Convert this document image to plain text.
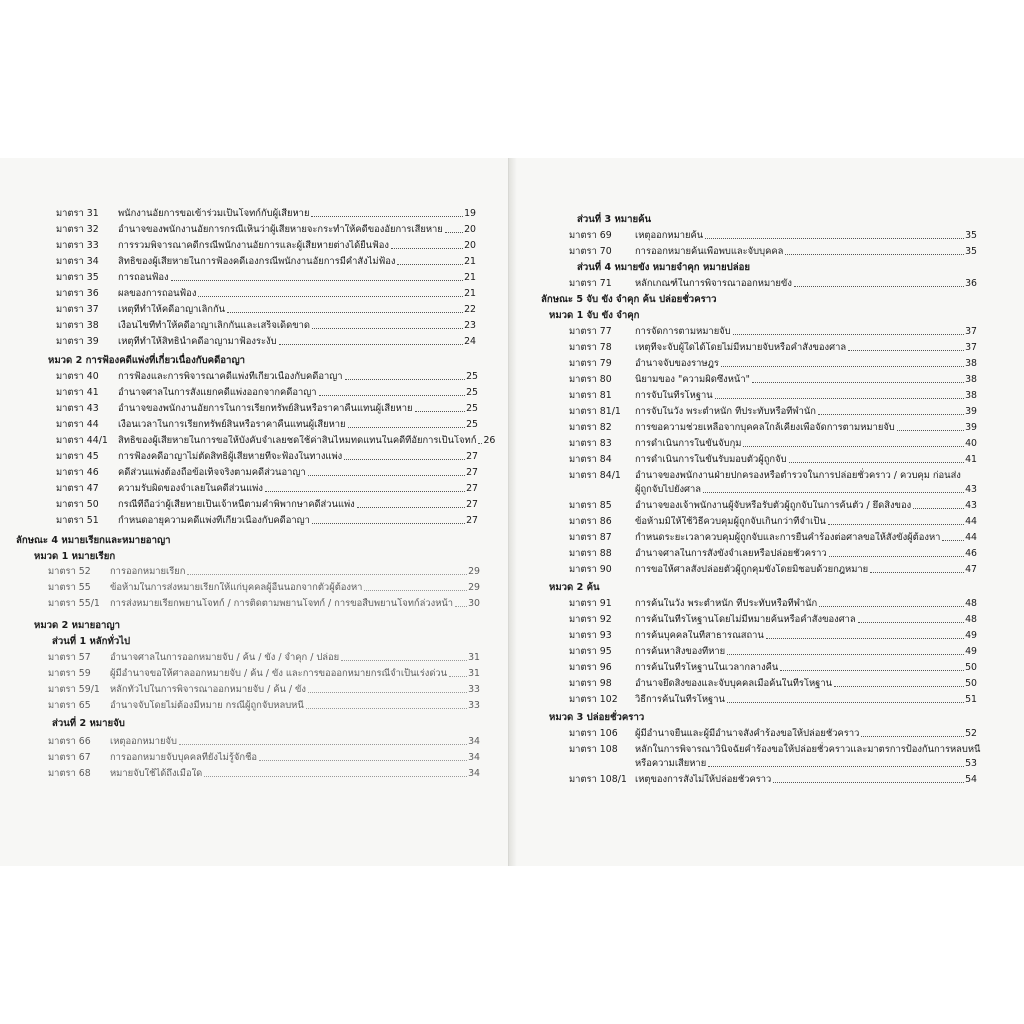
มาตรา 31	พนักงานอัยการขอเข้าร่วมเป็นโจทก์กับผู้เสียหาย	19
มาตรา 32	อำนาจของพนักงานอัยการกรณีเห็นว่าผู้เสียหายจะกระทำให้คดีของอัยการเสียหาย 20
มาตรา 33	การรวมพิจารณาคดีกรณีพนักงานอัยการและผู้เสียหายต่างได้ยื่นฟ้อง	20
มาตรา 34	สิทธิของผู้เสียหายในการฟ้องคดีเองกรณีพนักงานอัยการมีคำสั่งไม่ฟ้อง	21
มาตรา 35	การถอนฟ้อง	21
มาตรา 36	ผลของการถอนฟ้อง	21
มาตรา 37	เหตุที่ทำให้คดีอาญาเลิกกัน	22
มาตรา 38	เงื่อนไขที่ทำให้คดีอาญาเลิกกันและเสร็จเด็ดขาด	23
มาตรา 39	เหตุที่ทำให้สิทธินำคดีอาญามาฟ้องระงับ	24
หมวด 2 การฟ้องคดีแพ่งที่เกี่ยวเนื่องกับคดีอาญา
มาตรา 40	การฟ้องและการพิจารณาคดีแพ่งที่เกี่ยวเนื่องกับคดีอาญา	25
มาตรา 41	อำนาจศาลในการสั่งแยกคดีแพ่งออกจากคดีอาญา	25
มาตรา 43	อำนาจของพนักงานอัยการในการเรียกทรัพย์สินหรือราคาคืนแทนผู้เสียหาย	25
มาตรา 44	เงื่อนเวลาในการเรียกทรัพย์สินหรือราคาคืนแทนผู้เสียหาย	25
มาตรา 44/1	สิทธิของผู้เสียหายในการขอให้บังคับจำเลยชดใช้ค่าสินไหมทดแทนในคดีที่อัยการเป็นโจทก์ 26
มาตรา 45	การฟ้องคดีอาญาไม่ตัดสิทธิผู้เสียหายที่จะฟ้องในทางแพ่ง	27
มาตรา 46	คดีส่วนแพ่งต้องถือข้อเท็จจริงตามคดีส่วนอาญา	27
มาตรา 47	ความรับผิดของจำเลยในคดีส่วนแพ่ง	27
มาตรา 50	กรณีที่ถือว่าผู้เสียหายเป็นเจ้าหนี้ตามคำพิพากษาคดีส่วนแพ่ง	27
มาตรา 51	กำหนดอายุความคดีแพ่งที่เกี่ยวเนื่องกับคดีอาญา	27
ลักษณะ 4 หมายเรียกและหมายอาญา
หมวด 1 หมายเรียก
มาตรา 52	การออกหมายเรียก	29
มาตรา 55	ข้อห้ามในการส่งหมายเรียกให้แก่บุคคลผู้อื่นนอกจากตัวผู้ต้องหา	29
มาตรา 55/1	การส่งหมายเรียกพยานโจทก์ / การติดตามพยานโจทก์ / การขอสืบพยานโจทก์ล่วงหน้า 30
หมวด 2 หมายอาญา
ส่วนที่ 1 หลักทั่วไป
มาตรา 57	อำนาจศาลในการออกหมายจับ / ค้น / ขัง / จำคุก / ปล่อย	31
มาตรา 59	ผู้มีอำนาจขอให้ศาลออกหมายจับ / ค้น / ขัง และการขอออกหมายกรณีจำเป็นเร่งด่วน 31
มาตรา 59/1	หลักทั่วไปในการพิจารณาออกหมายจับ / ค้น / ขัง	33
มาตรา 65	อำนาจจับโดยไม่ต้องมีหมาย กรณีผู้ถูกจับหลบหนี	33
ส่วนที่ 2 หมายจับ
มาตรา 66	เหตุออกหมายจับ	34
มาตรา 67	การออกหมายจับบุคคลที่ยังไม่รู้จักชื่อ	34
มาตรา 68	หมายจับใช้ได้ถึงเมื่อใด	34
ส่วนที่ 3 หมายค้น
มาตรา 69	เหตุออกหมายค้น	35
มาตรา 70	การออกหมายค้นเพื่อพบและจับบุคคล	35
ส่วนที่ 4 หมายขัง หมายจำคุก หมายปล่อย
มาตรา 71	หลักเกณฑ์ในการพิจารณาออกหมายขัง	36
ลักษณะ 5 จับ ขัง จำคุก ค้น ปล่อยชั่วคราว
หมวด 1 จับ ขัง จำคุก
มาตรา 77	การจัดการตามหมายจับ	37
มาตรา 78	เหตุที่จะจับผู้ใดได้โดยไม่มีหมายจับหรือคำสั่งของศาล	37
มาตรา 79	อำนาจจับของราษฎร	38
มาตรา 80	นิยามของ "ความผิดซึ่งหน้า"	38
มาตรา 81	การจับในที่รโหฐาน	38
มาตรา 81/1	การจับในวัง พระตำหนัก ที่ประทับหรือที่พำนัก	39
มาตรา 82	การขอความช่วยเหลือจากบุคคลใกล้เคียงเพื่อจัดการตามหมายจับ	39
มาตรา 83	การดำเนินการในขั้นจับกุม	40
มาตรา 84	การดำเนินการในขั้นรับมอบตัวผู้ถูกจับ	41
มาตรา 84/1 อำนาจของพนักงานฝ่ายปกครองหรือตำรวจในการปล่อยชั่วคราว / ควบคุม ก่อนส่ง
ผู้ถูกจับไปยังศาล	43
มาตรา 85	อำนาจของเจ้าพนักงานผู้จับหรือรับตัวผู้ถูกจับในการค้นตัว / ยึดสิ่งของ	43
มาตรา 86	ข้อห้ามมิให้ใช้วิธีควบคุมผู้ถูกจับเกินกว่าที่จำเป็น	44
มาตรา 87	กำหนดระยะเวลาควบคุมผู้ถูกจับและการยื่นคำร้องต่อศาลขอให้สั่งขังผู้ต้องหา	44
มาตรา 88	อำนาจศาลในการสั่งขังจำเลยหรือปล่อยชั่วคราว	46
มาตรา 90	การขอให้ศาลสั่งปล่อยตัวผู้ถูกคุมขังโดยมิชอบด้วยกฎหมาย	47
หมวด 2 ค้น
มาตรา 91	การค้นในวัง พระตำหนัก ที่ประทับหรือที่พำนัก	48
มาตรา 92	การค้นในที่รโหฐานโดยไม่มีหมายค้นหรือคำสั่งของศาล	48
มาตรา 93	การค้นบุคคลในที่สาธารณสถาน	49
มาตรา 95	การค้นหาสิ่งของที่หาย	49
มาตรา 96	การค้นในที่รโหฐานในเวลากลางคืน	50
มาตรา 98	อำนาจยึดสิ่งของและจับบุคคลเมื่อค้นในที่รโหฐาน	50
มาตรา 102	วิธีการค้นในที่รโหฐาน	51
หมวด 3 ปล่อยชั่วคราว
มาตรา 106	ผู้มีอำนาจยื่นและผู้มีอำนาจสั่งคำร้องขอให้ปล่อยชั่วคราว	52
มาตรา 108 หลักในการพิจารณาวินิจฉัยคำร้องขอให้ปล่อยชั่วคราวและมาตรการป้องกันการหลบหนี
หรือความเสียหาย	53
มาตรา 108/1 เหตุของการสั่งไม่ให้ปล่อยชั่วคราว	54
